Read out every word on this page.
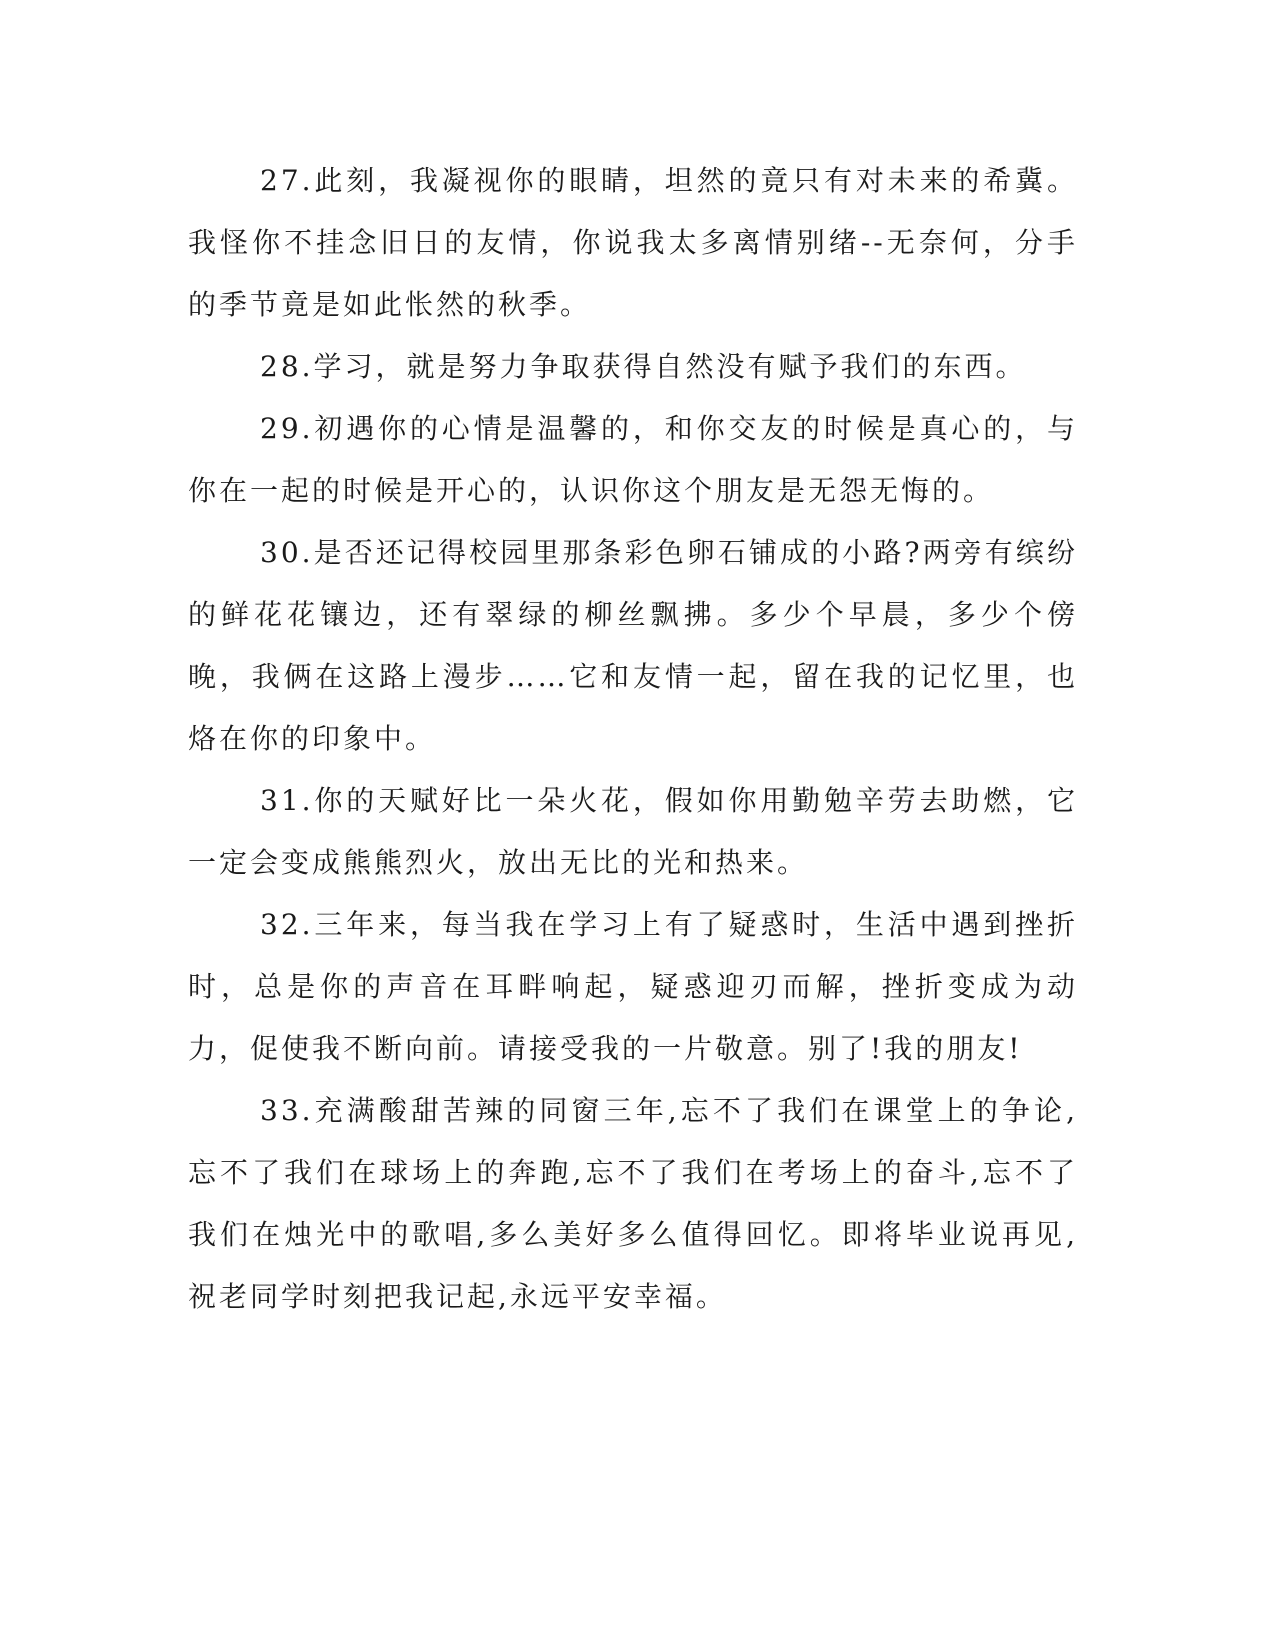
27.此刻，我凝视你的眼睛，坦然的竟只有对未来的希冀。我怪你不挂念旧日的友情，你说我太多离情别绪--无奈何，分手的季节竟是如此怅然的秋季。

28.学习，就是努力争取获得自然没有赋予我们的东西。

29.初遇你的心情是温馨的，和你交友的时候是真心的，与你在一起的时候是开心的，认识你这个朋友是无怨无悔的。

30.是否还记得校园里那条彩色卵石铺成的小路?两旁有缤纷的鲜花花镶边，还有翠绿的柳丝飘拂。多少个早晨，多少个傍晚，我俩在这路上漫步……它和友情一起，留在我的记忆里，也烙在你的印象中。

31.你的天赋好比一朵火花，假如你用勤勉辛劳去助燃，它一定会变成熊熊烈火，放出无比的光和热来。

32.三年来，每当我在学习上有了疑惑时，生活中遇到挫折时，总是你的声音在耳畔响起，疑惑迎刃而解，挫折变成为动力，促使我不断向前。请接受我的一片敬意。别了!我的朋友!

33.充满酸甜苦辣的同窗三年,忘不了我们在课堂上的争论,忘不了我们在球场上的奔跑,忘不了我们在考场上的奋斗,忘不了我们在烛光中的歌唱,多么美好多么值得回忆。即将毕业说再见,祝老同学时刻把我记起,永远平安幸福。
